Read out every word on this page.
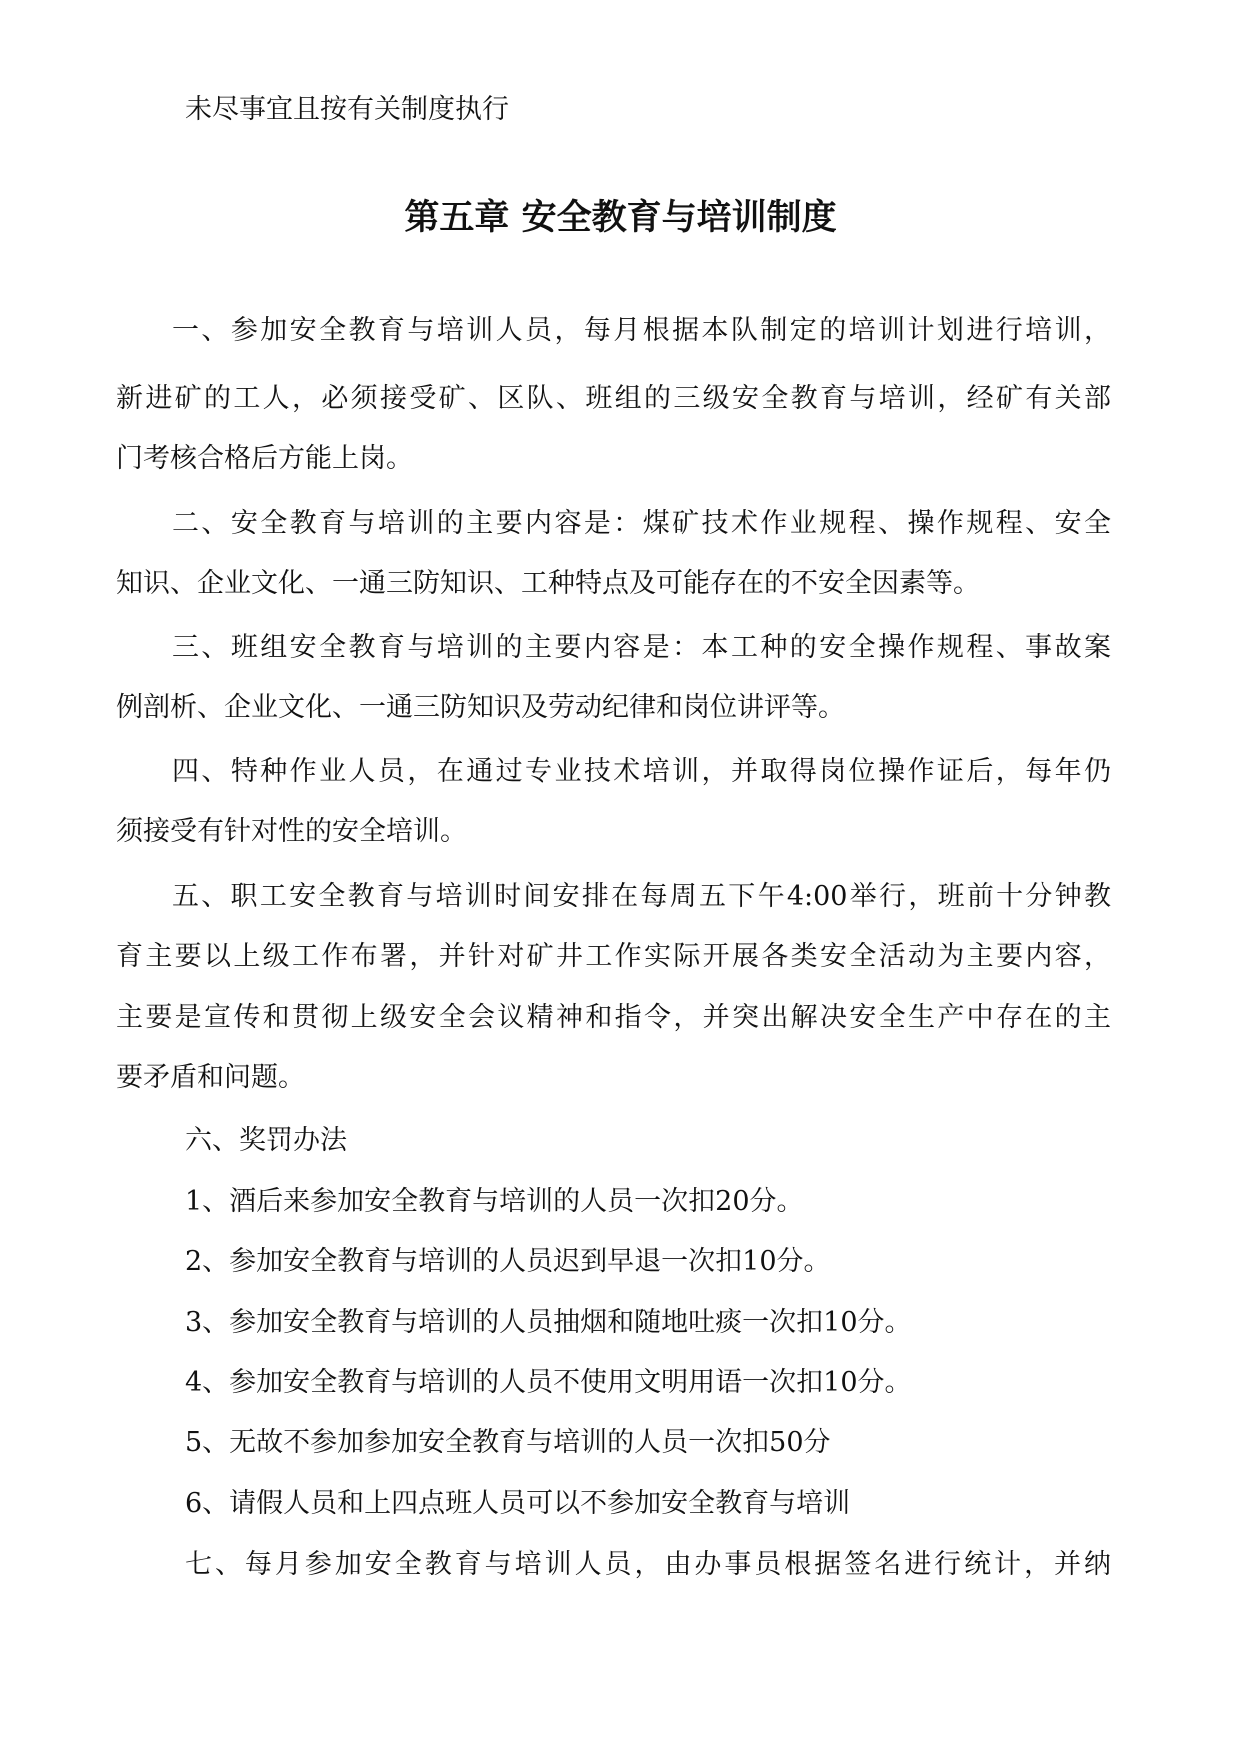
未尽事宜且按有关制度执行
第五章 安全教育与培训制度
一、参加安全教育与培训人员，每月根据本队制定的培训计划进行培训，
新进矿的工人，必须接受矿、区队、班组的三级安全教育与培训，经矿有关部
门考核合格后方能上岗。
二、安全教育与培训的主要内容是：煤矿技术作业规程、操作规程、安全
知识、企业文化、一通三防知识、工种特点及可能存在的不安全因素等。
三、班组安全教育与培训的主要内容是：本工种的安全操作规程、事故案
例剖析、企业文化、一通三防知识及劳动纪律和岗位讲评等。
四、特种作业人员，在通过专业技术培训，并取得岗位操作证后，每年仍
须接受有针对性的安全培训。
五、职工安全教育与培训时间安排在每周五下午4:00举行，班前十分钟教
育主要以上级工作布署，并针对矿井工作实际开展各类安全活动为主要内容，
主要是宣传和贯彻上级安全会议精神和指令，并突出解决安全生产中存在的主
要矛盾和问题。
六、奖罚办法
1、酒后来参加安全教育与培训的人员一次扣20分。
2、参加安全教育与培训的人员迟到早退一次扣10分。
3、参加安全教育与培训的人员抽烟和随地吐痰一次扣10分。
4、参加安全教育与培训的人员不使用文明用语一次扣10分。
5、无故不参加参加安全教育与培训的人员一次扣50分
6、请假人员和上四点班人员可以不参加安全教育与培训
七、每月参加安全教育与培训人员，由办事员根据签名进行统计，并纳
